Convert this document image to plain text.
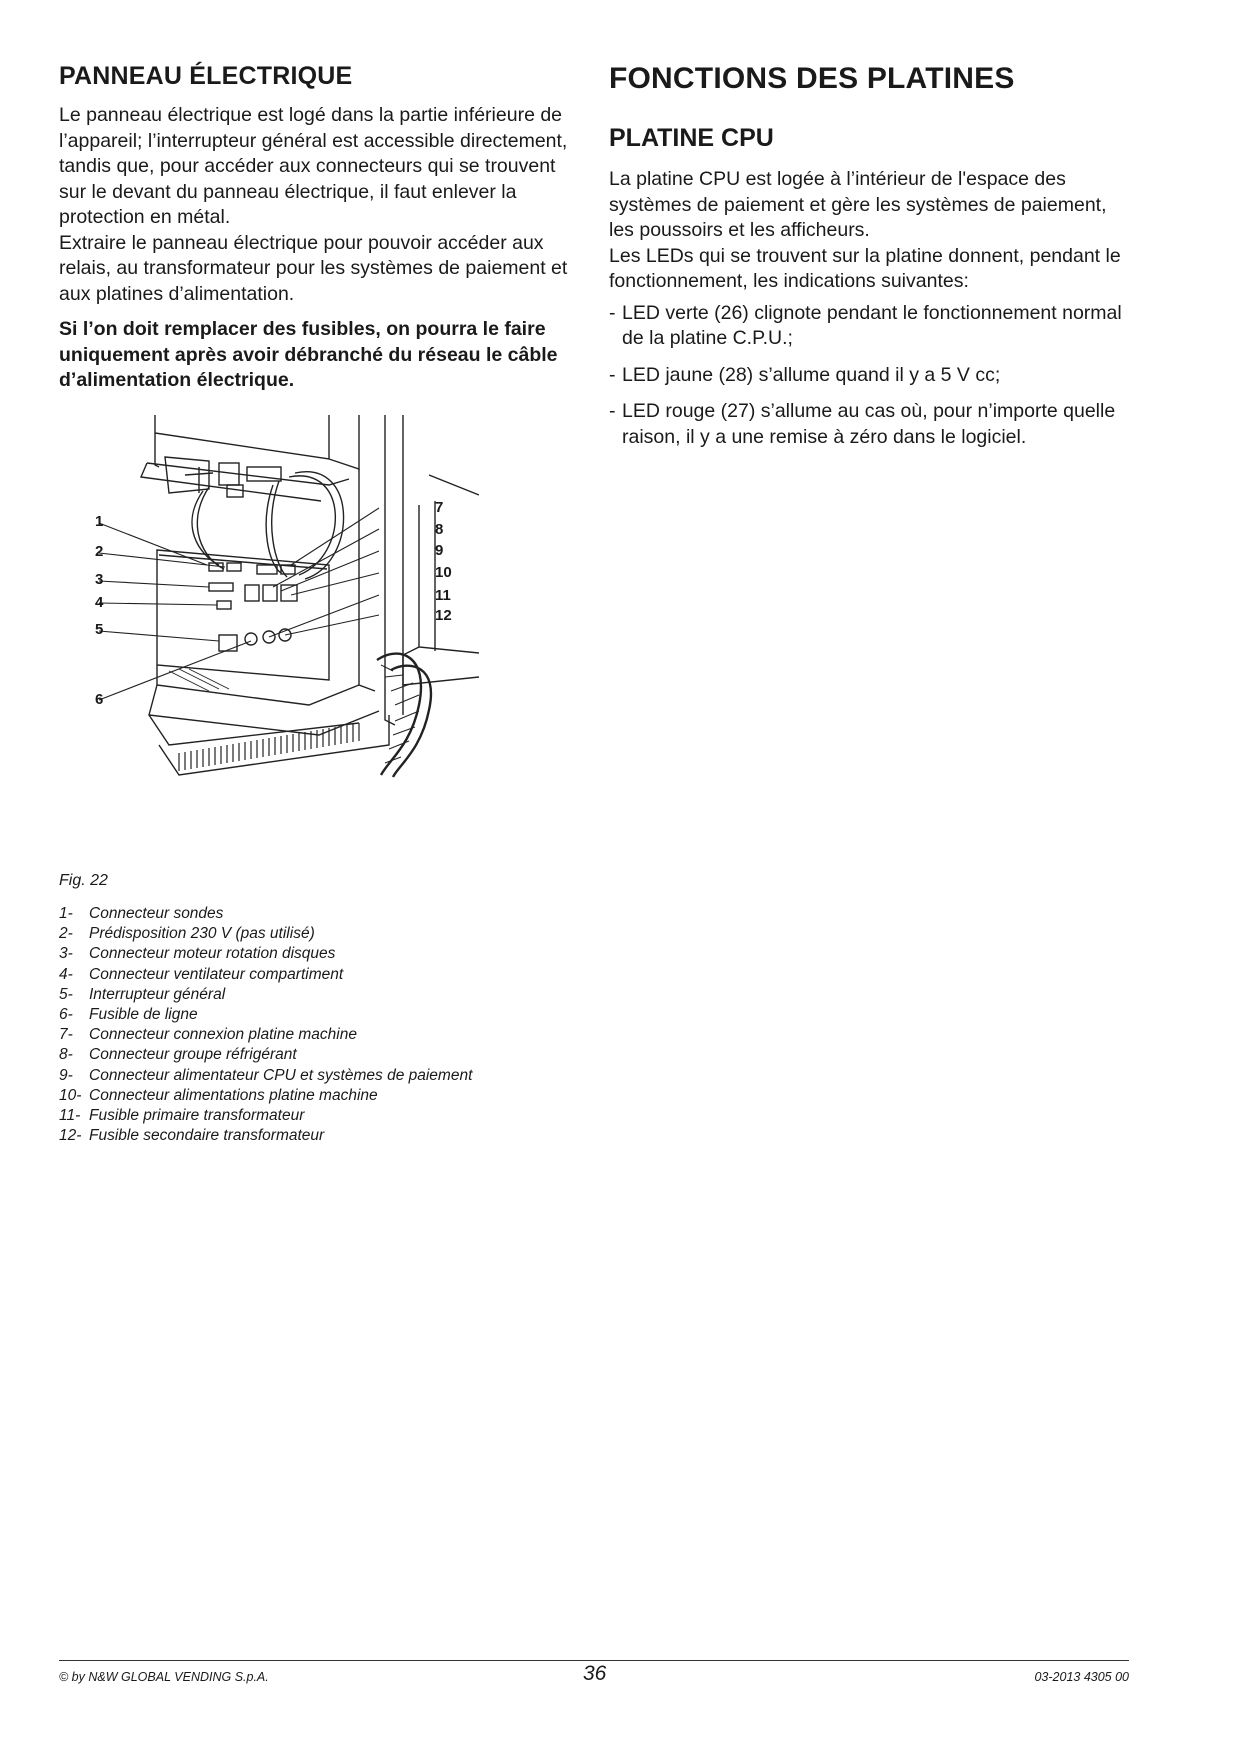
PANNEAU ÉLECTRIQUE

Le panneau électrique est logé dans la partie inférieure de l’appareil; l’interrupteur général est accessible directement, tandis que, pour accéder aux connecteurs qui se trouvent sur le devant du panneau électrique, il faut enlever la protection en métal.

Extraire le panneau électrique pour pouvoir accéder aux relais, au transformateur pour les systèmes de paiement et aux platines d’alimentation.

Si l’on doit remplacer des fusibles, on pourra le faire uniquement après avoir débranché du réseau le câble d’alimentation électrique.

FONCTIONS DES PLATINES
PLATINE CPU

La platine CPU est logée à l’intérieur de l'espace des systèmes de paiement et gère les systèmes de paiement, les poussoirs et les afficheurs.

Les LEDs qui se trouvent sur la platine donnent, pendant le fonctionnement, les indications suivantes:

- LED verte (26) clignote pendant le fonctionnement normal de la platine C.P.U.;
- LED jaune (28) s’allume quand il y a 5 V cc;
- LED rouge (27) s’allume au cas où, pour n’importe quelle raison, il y a une remise à zéro dans le logiciel.
1
2
3
4
5
6
7
8
9
10
11
12
Fig. 22
1- Connecteur sondes
2- Prédisposition 230 V (pas utilisé)
3- Connecteur moteur rotation disques
4- Connecteur ventilateur compartiment
5- Interrupteur général
6- Fusible de ligne
7- Connecteur connexion platine machine
8- Connecteur groupe réfrigérant
9- Connecteur alimentateur CPU et systèmes de paiement
10- Connecteur alimentations platine machine
11- Fusible primaire transformateur
12- Fusible secondaire transformateur
© by N&W GLOBAL VENDING S.p.A.	36	03-2013 4305 00
